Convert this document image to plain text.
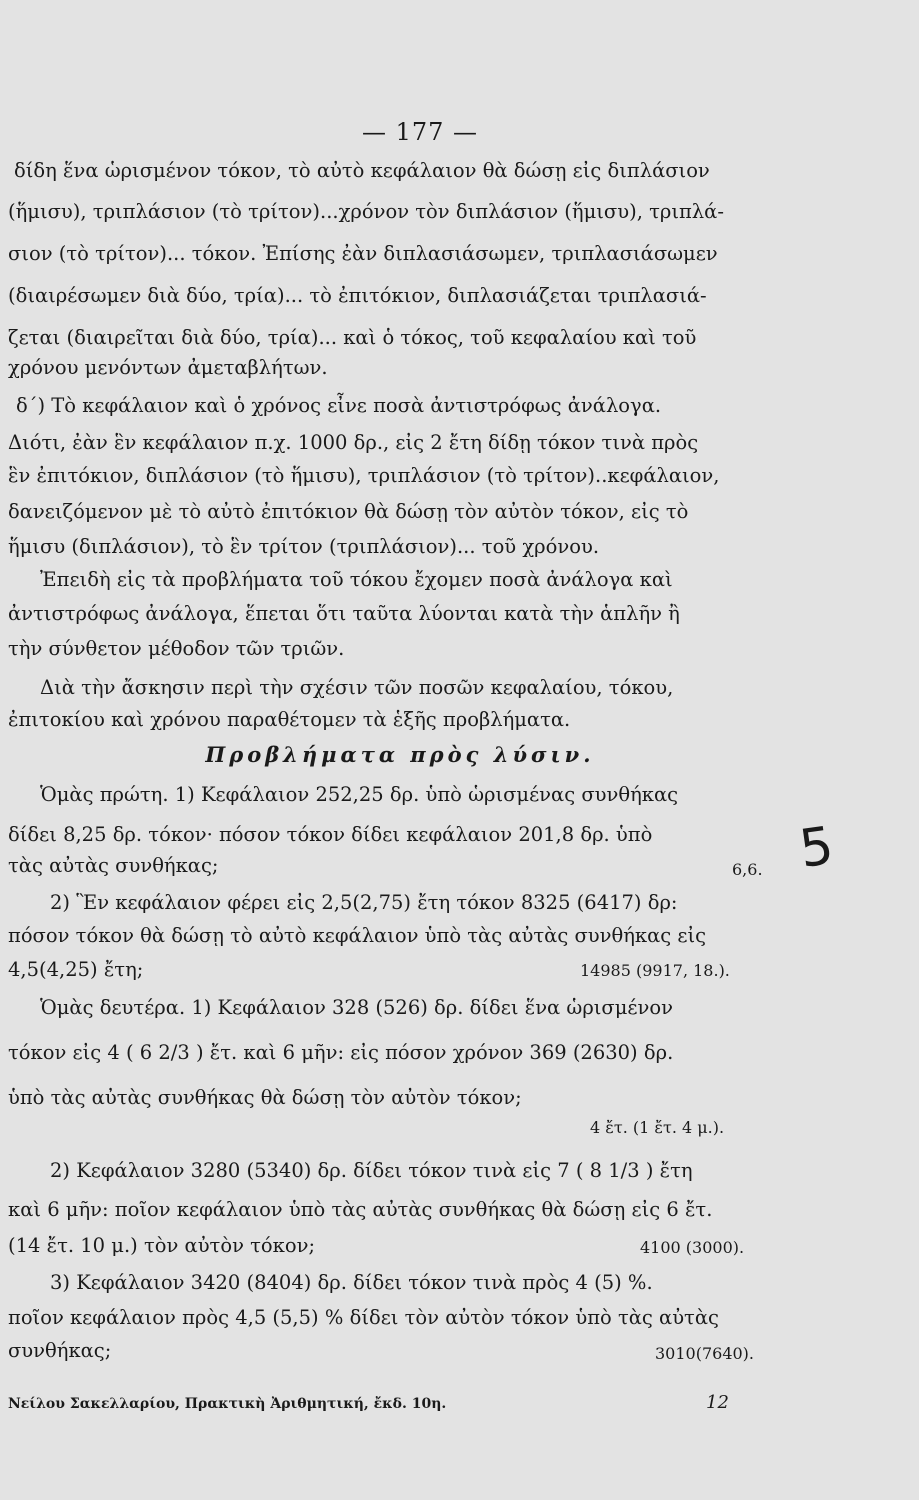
— 177 —
δίδη ἕνα ὡρισμένον τόκον, τὸ αὐτὸ κεφάλαιον θὰ δώσῃ εἰς διπλάσιον
(ἥμισυ), τριπλάσιον (τὸ τρίτον)...χρόνον τὸν διπλάσιον (ἥμισυ), τριπλά-
σιον (τὸ τρίτον)... τόκον. Ἐπίσης ἐὰν διπλασιάσωμεν, τριπλασιάσωμεν
(διαιρέσωμεν διὰ δύο, τρία)... τὸ ἐπιτόκιον, διπλασιάζεται τριπλασιά-
ζεται (διαιρεῖται διὰ δύο, τρία)... καὶ ὁ τόκος, τοῦ κεφαλαίου καὶ τοῦ
χρόνου μενόντων ἀμεταβλήτων.
δ΄) Τὸ κεφάλαιον καὶ ὁ χρόνος εἶνε ποσὰ ἀντιστρόφως ἀνάλογα.
Διότι, ἐὰν ἓν κεφάλαιον π.χ. 1000 δρ., εἰς 2 ἔτη δίδῃ τόκον τινὰ πρὸς
ἓν ἐπιτόκιον, διπλάσιον (τὸ ἥμισυ), τριπλάσιον (τὸ τρίτον)..κεφάλαιον,
δανειζόμενον μὲ τὸ αὐτὸ ἐπιτόκιον θὰ δώσῃ τὸν αὐτὸν τόκον, εἰς τὸ
ἥμισυ (διπλάσιον), τὸ ἓν τρίτον (τριπλάσιον)... τοῦ χρόνου.
Ἐπειδὴ εἰς τὰ προβλήματα τοῦ τόκου ἔχομεν ποσὰ ἀνάλογα καὶ
ἀντιστρόφως ἀνάλογα, ἕπεται ὅτι ταῦτα λύονται κατὰ τὴν ἁπλῆν ἢ
τὴν σύνθετον μέθοδον τῶν τριῶν.
Διὰ τὴν ἄσκησιν περὶ τὴν σχέσιν τῶν ποσῶν κεφαλαίου, τόκου,
ἐπιτοκίου καὶ χρόνου παραθέτομεν τὰ ἑξῆς προβλήματα.
Προβλήματα πρὸς λύσιν.
Ὁμὰς πρώτη. 1) Κεφάλαιον 252,25 δρ. ὑπὸ ὡρισμένας συνθήκας
δίδει 8,25 δρ. τόκον· πόσον τόκον δίδει κεφάλαιον 201,8 δρ. ὑπὸ
τὰς αὐτὰς συνθήκας;	6,6. 5
2) Ἓν κεφάλαιον φέρει εἰς 2,5(2,75) ἔτη τόκον 8325 (6417) δρ:
πόσον τόκον θὰ δώσῃ τὸ αὐτὸ κεφάλαιον ὑπὸ τὰς αὐτὰς συνθήκας εἰς
4,5(4,25) ἔτη;	14985 (9917, 18.).
Ὁμὰς δευτέρα. 1) Κεφάλαιον 328 (526) δρ. δίδει ἕνα ὡρισμένον
τόκον εἰς 4 ( 6 2/3 ) ἔτ. καὶ 6 μῆν: εἰς πόσον χρόνον 369 (2630) δρ.
ὑπὸ τὰς αὐτὰς συνθήκας θὰ δώσῃ τὸν αὐτὸν τόκον;
4 ἔτ. (1 ἔτ. 4 μ.).
2) Κεφάλαιον 3280 (5340) δρ. δίδει τόκον τινὰ εἰς 7 ( 8 1/3 ) ἔτη
καὶ 6 μῆν: ποῖον κεφάλαιον ὑπὸ τὰς αὐτὰς συνθήκας θὰ δώσῃ εἰς 6 ἔτ.
(14 ἔτ. 10 μ.) τὸν αὐτὸν τόκον;	4100 (3000).
3) Κεφάλαιον 3420 (8404) δρ. δίδει τόκον τινὰ πρὸς 4 (5) %.
ποῖον κεφάλαιον πρὸς 4,5 (5,5) % δίδει τὸν αὐτὸν τόκον ὑπὸ τὰς αὐτὰς
συνθήκας;	3010(7640).
Νείλου Σακελλαρίου, Πρακτικὴ Ἀριθμητική, ἔκδ. 10η.	12
